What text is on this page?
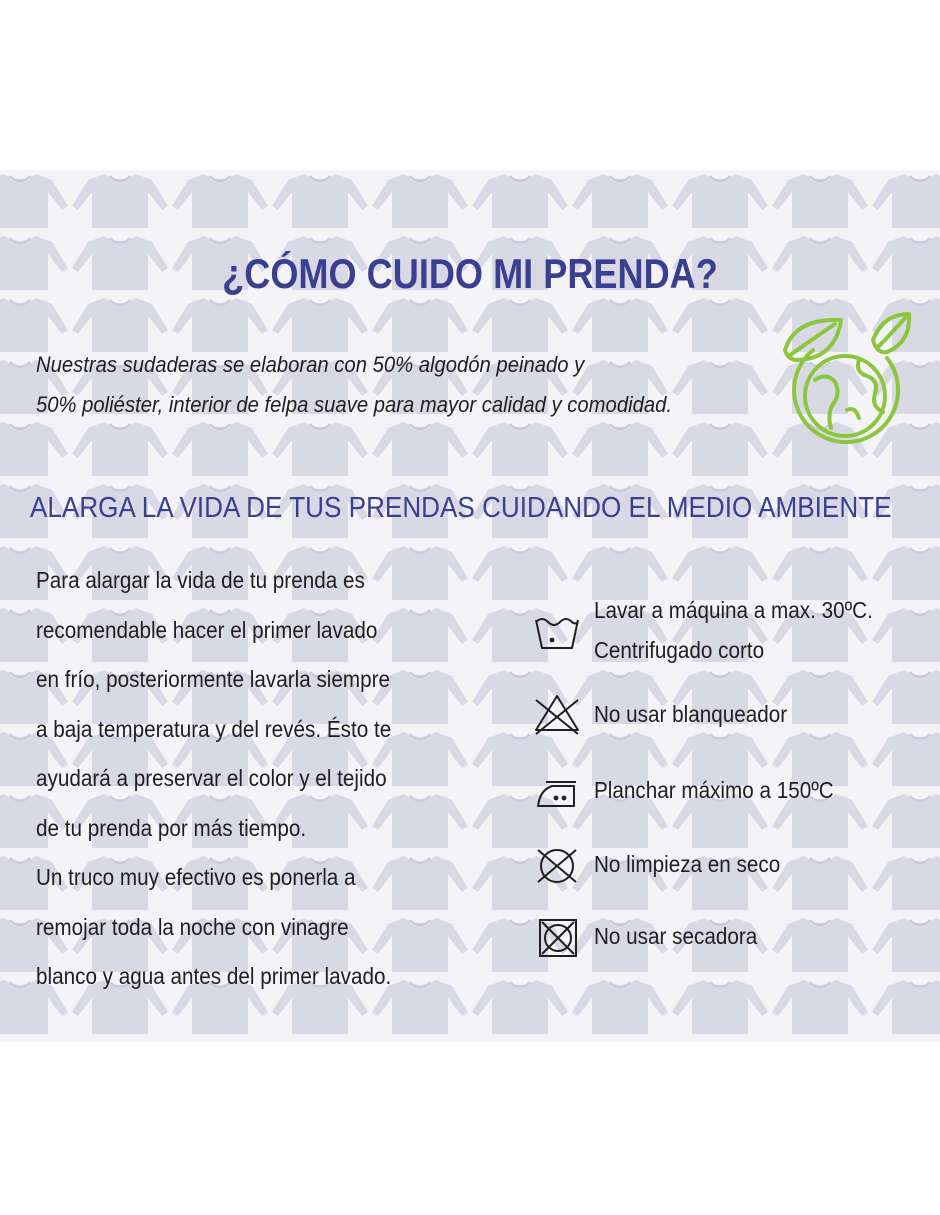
¿CÓMO CUIDO MI PRENDA?
Nuestras sudaderas se elaboran con 50% algodón peinado y
50% poliéster, interior de felpa suave para mayor calidad y comodidad.
ALARGA LA VIDA DE TUS PRENDAS CUIDANDO EL MEDIO AMBIENTE
Para alargar la vida de tu prenda es
recomendable hacer el primer lavado
en frío, posteriormente lavarla siempre
a baja temperatura y del revés. Ésto te
ayudará a preservar el color y el tejido
de tu prenda por más tiempo.
Un truco muy efectivo es ponerla a
remojar toda la noche con vinagre
blanco y agua antes del primer lavado.
Lavar a máquina a max. 30ºC.
Centrifugado corto
No usar blanqueador
Planchar máximo a 150ºC
No limpieza en seco
No usar secadora
